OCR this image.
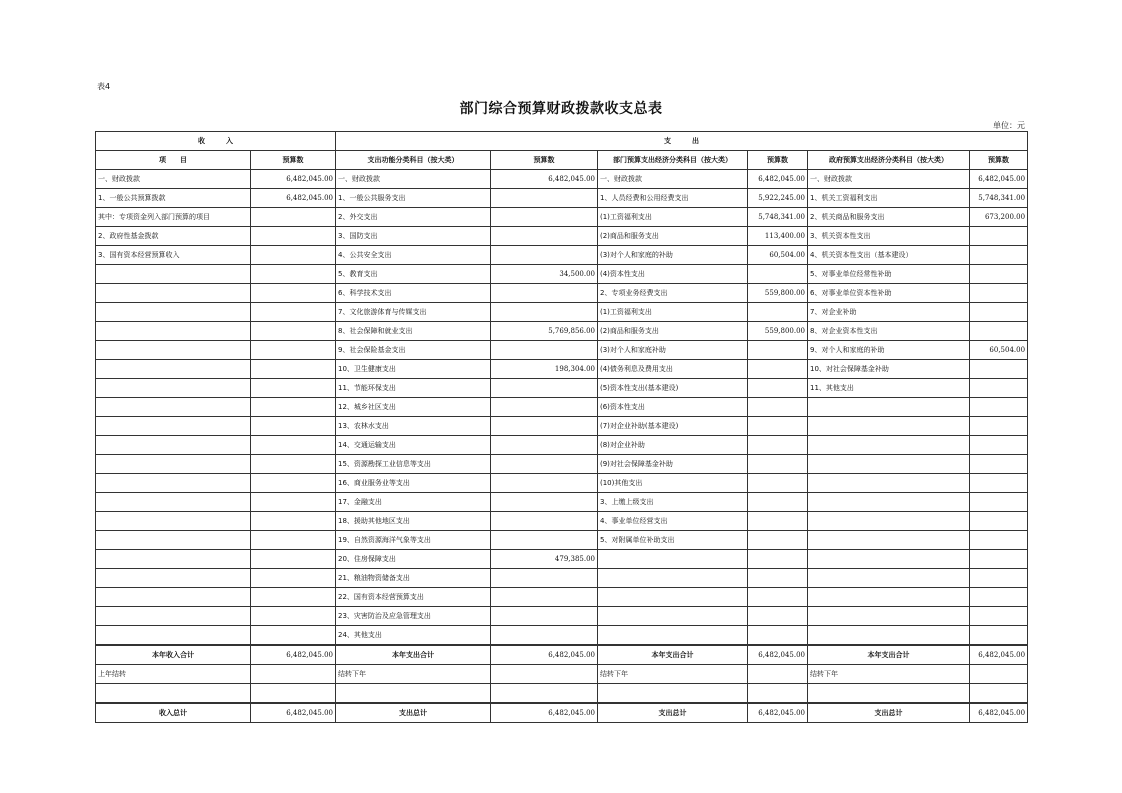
表4
部门综合预算财政拨款收支总表
单位：元
收　　　入		支　　　出					
项　　目	预算数	支出功能分类科目（按大类）	预算数	部门预算支出经济分类科目（按大类）	预算数	政府预算支出经济分类科目（按大类）	预算数
一、财政拨款	6,482,045.00	一、财政拨款	6,482,045.00	一、财政拨款	6,482,045.00	一、财政拨款	6,482,045.00
1、一般公共预算拨款	6,482,045.00	1、一般公共服务支出		1、人员经费和公用经费支出	5,922,245.00	1、机关工资福利支出	5,748,341.00
其中：专项资金列入部门预算的项目		2、外交支出		(1)工资福利支出	5,748,341.00	2、机关商品和服务支出	673,200.00
2、政府性基金拨款		3、国防支出		(2)商品和服务支出	113,400.00	3、机关资本性支出	
3、国有资本经营预算收入		4、公共安全支出		(3)对个人和家庭的补助	60,504.00	4、机关资本性支出（基本建设）	
		5、教育支出	34,500.00	(4)资本性支出		5、对事业单位经常性补助	
		6、科学技术支出		2、专项业务经费支出	559,800.00	6、对事业单位资本性补助	
		7、文化旅游体育与传媒支出		(1)工资福利支出		7、对企业补助	
		8、社会保障和就业支出	5,769,856.00	(2)商品和服务支出	559,800.00	8、对企业资本性支出	
		9、社会保险基金支出		(3)对个人和家庭补助		9、对个人和家庭的补助	60,504.00
		10、卫生健康支出	198,304.00	(4)债务利息及费用支出		10、对社会保障基金补助	
		11、节能环保支出		(5)资本性支出(基本建设)		11、其他支出	
		12、城乡社区支出		(6)资本性支出			
		13、农林水支出		(7)对企业补助(基本建设)			
		14、交通运输支出		(8)对企业补助			
		15、资源勘探工业信息等支出		(9)对社会保障基金补助			
		16、商业服务业等支出		(10)其他支出			
		17、金融支出		3、上缴上级支出			
		18、援助其他地区支出		4、事业单位经营支出			
		19、自然资源海洋气象等支出		5、对附属单位补助支出			
		20、住房保障支出	479,385.00				
		21、粮油物资储备支出					
		22、国有资本经营预算支出					
		23、灾害防治及应急管理支出					
		24、其他支出					
本年收入合计	6,482,045.00	本年支出合计	6,482,045.00	本年支出合计	6,482,045.00	本年支出合计	6,482,045.00
上年结转		结转下年		结转下年		结转下年	

收入总计	6,482,045.00	支出总计	6,482,045.00	支出总计	6,482,045.00	支出总计	6,482,045.00
